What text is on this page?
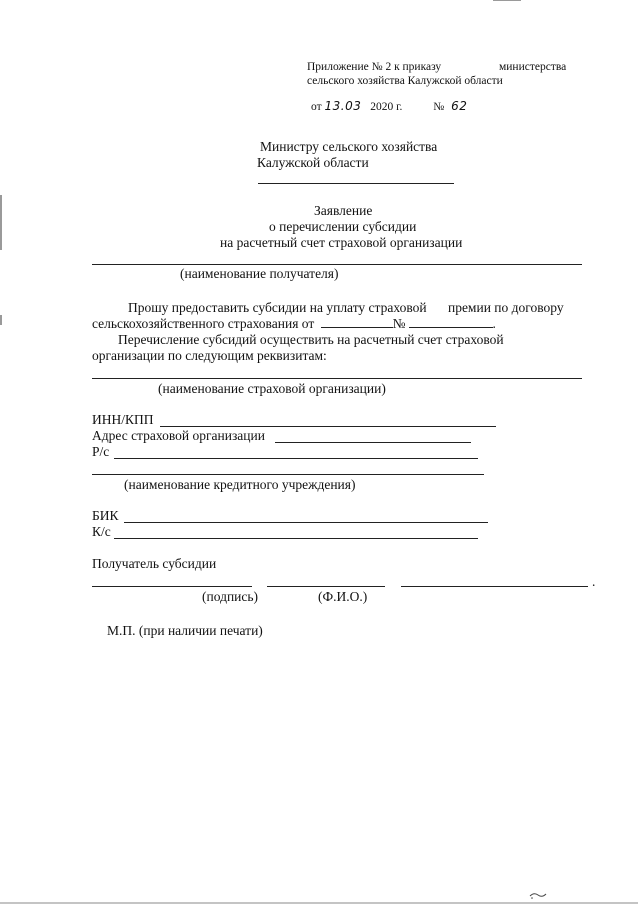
Приложение № 2 к приказу	министерства
сельского хозяйства Калужской области
от 13.03 2020 г.	№ 62
Министру сельского хозяйства
Калужской области
Заявление
о перечислении субсидии
на расчетный счет страховой организации
(наименование получателя)
Прошу предоставить субсидии на уплату страховой премии по договору
сельскохозяйственного страхования от	№	.
Перечисление субсидий осуществить на расчетный счет страховой
организации по следующим реквизитам:
(наименование страховой организации)
ИНН/КПП
Адрес страховой организации
Р/с
(наименование кредитного учреждения)
БИК
К/с
Получатель субсидии
.
(подпись)	(Ф.И.О.)
М.П. (при наличии печати)
